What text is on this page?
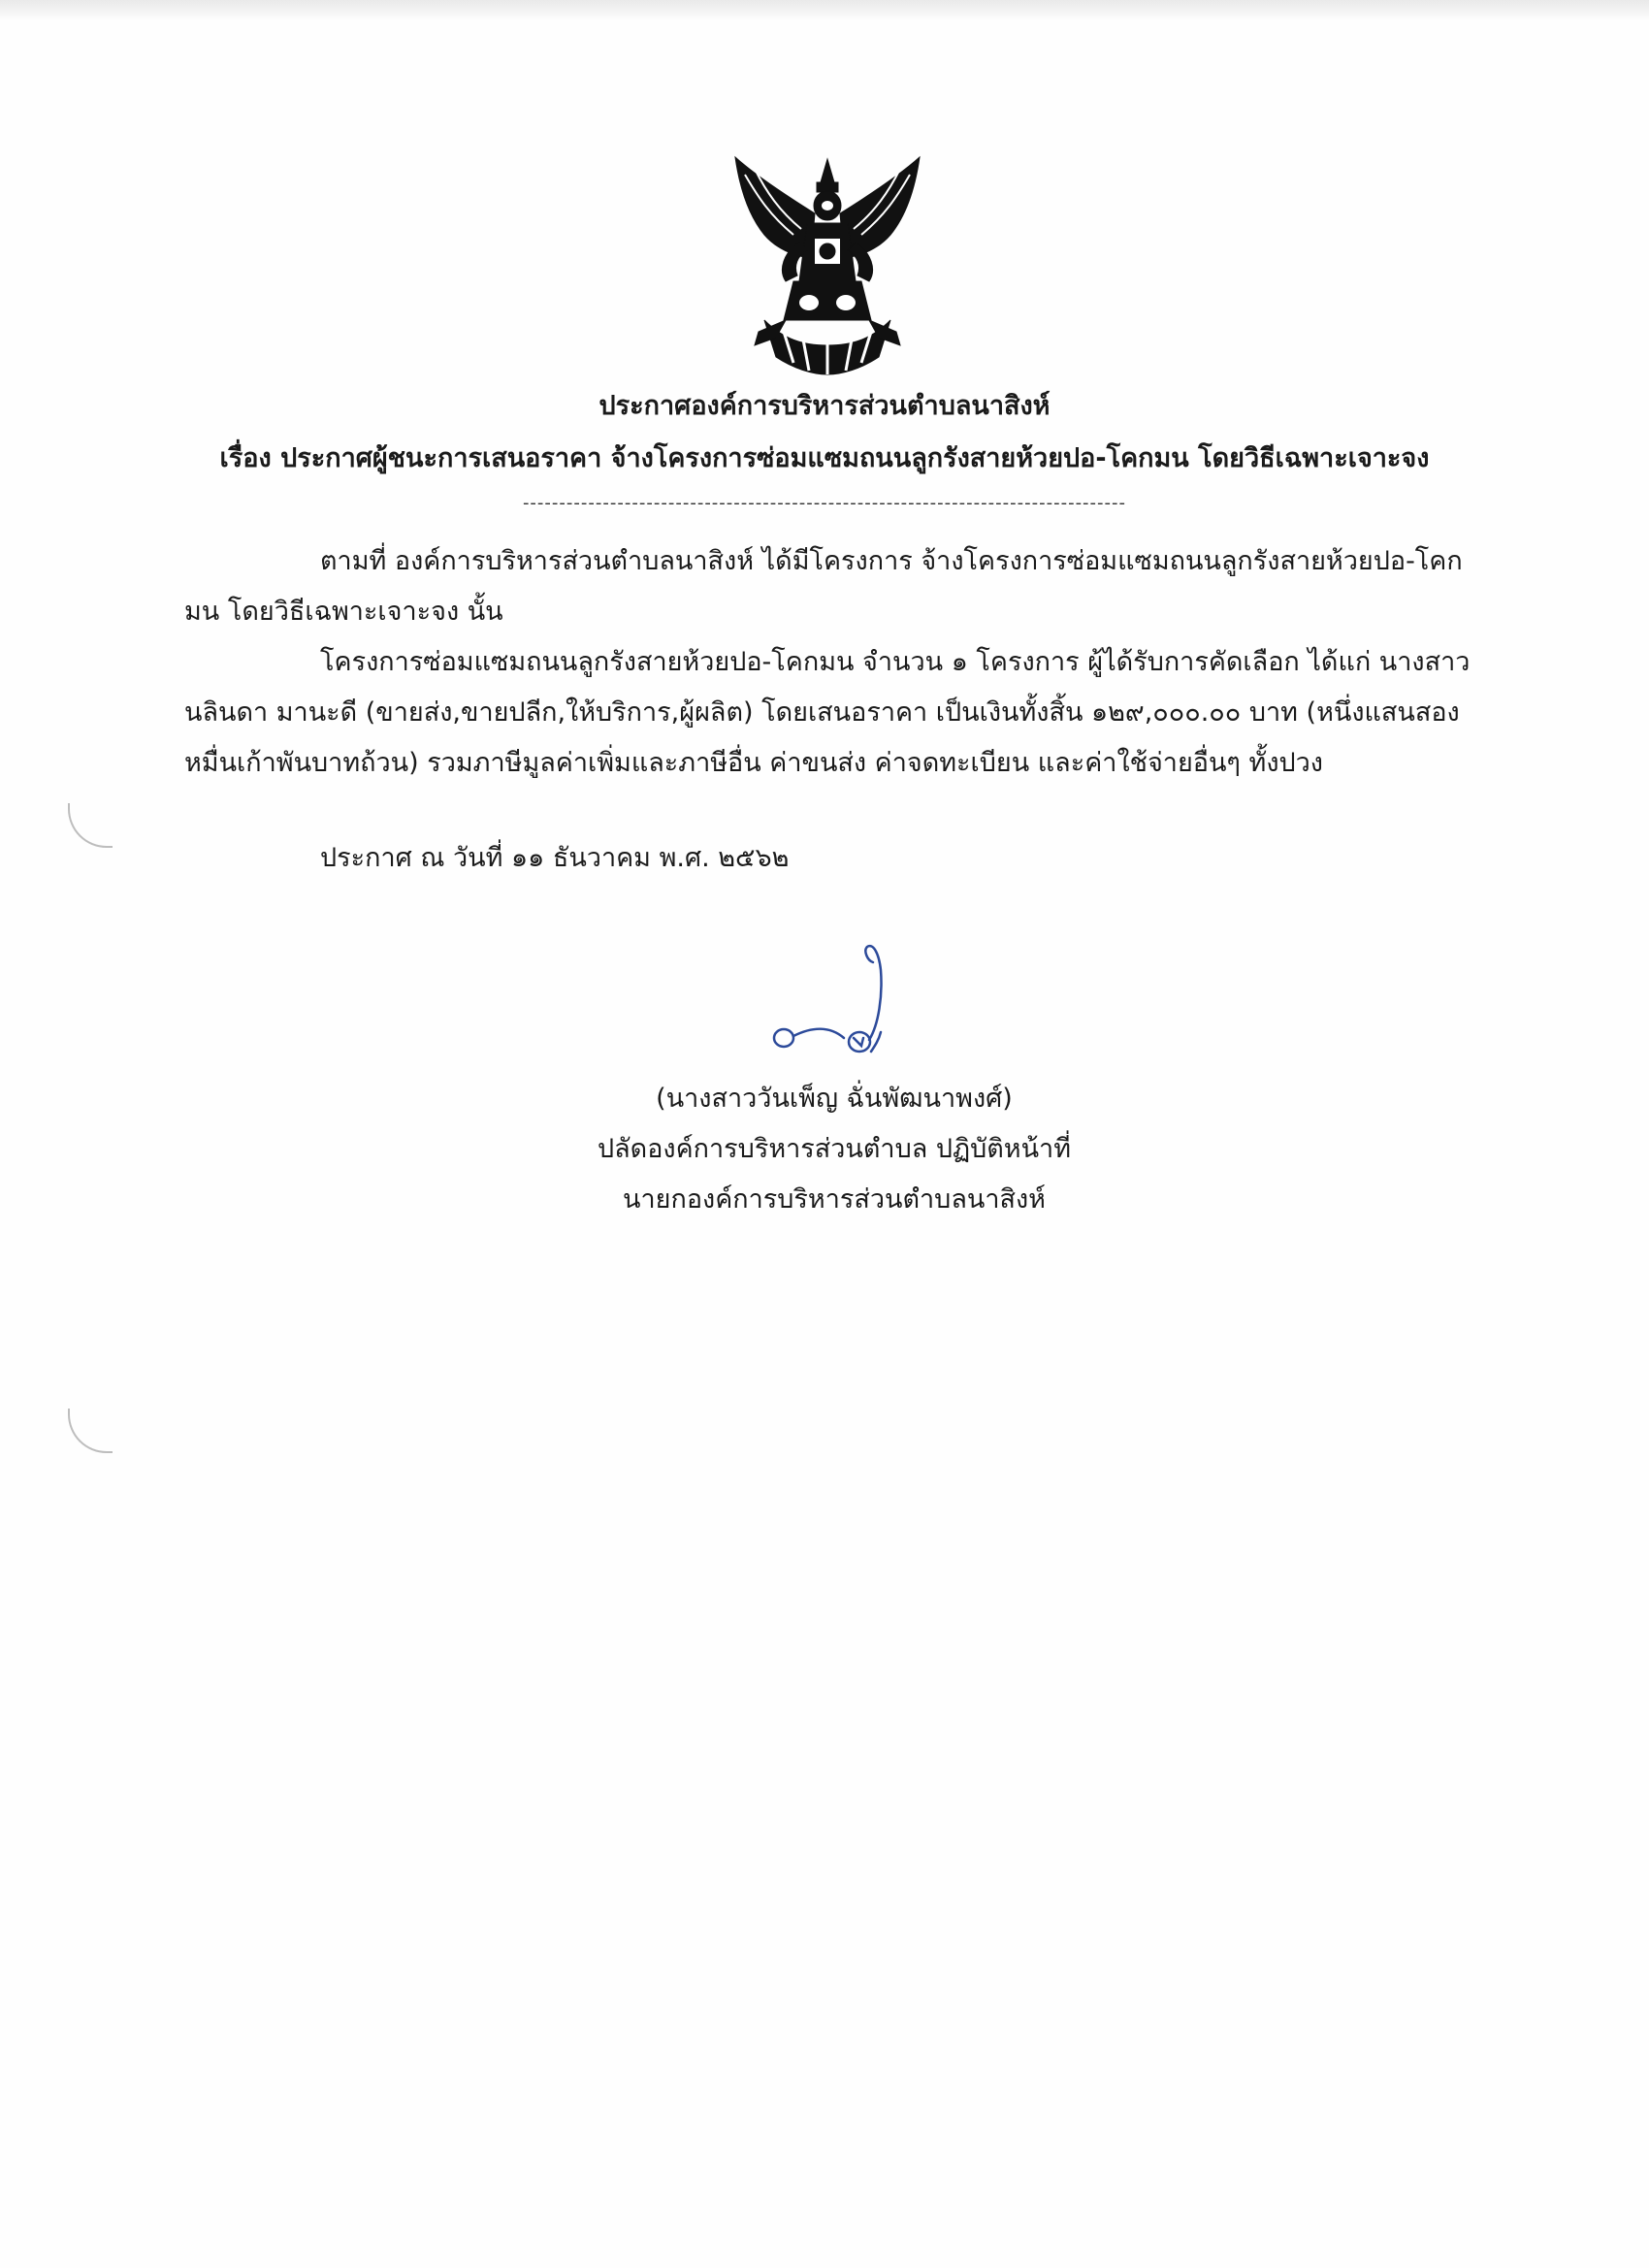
ประกาศองค์การบริหารส่วนตำบลนาสิงห์
เรื่อง ประกาศผู้ชนะการเสนอราคา จ้างโครงการซ่อมแซมถนนลูกรังสายห้วยปอ-โคกมน โดยวิธีเฉพาะเจาะจง
-----------------------------------------------------------------------------------
ตามที่ องค์การบริหารส่วนตำบลนาสิงห์ ได้มีโครงการ จ้างโครงการซ่อมแซมถนนลูกรังสายห้วยปอ-โคก
มน โดยวิธีเฉพาะเจาะจง นั้น
โครงการซ่อมแซมถนนลูกรังสายห้วยปอ-โคกมน จำนวน ๑ โครงการ ผู้ได้รับการคัดเลือก ได้แก่ นางสาว
นลินดา มานะดี (ขายส่ง,ขายปลีก,ให้บริการ,ผู้ผลิต) โดยเสนอราคา เป็นเงินทั้งสิ้น ๑๒๙,๐๐๐.๐๐ บาท (หนึ่งแสนสอง
หมื่นเก้าพันบาทถ้วน) รวมภาษีมูลค่าเพิ่มและภาษีอื่น ค่าขนส่ง ค่าจดทะเบียน และค่าใช้จ่ายอื่นๆ ทั้งปวง
ประกาศ ณ วันที่ ๑๑ ธันวาคม พ.ศ. ๒๕๖๒
(นางสาววันเพ็ญ ฉั่นพัฒนาพงศ์)
ปลัดองค์การบริหารส่วนตำบล ปฏิบัติหน้าที่
นายกองค์การบริหารส่วนตำบลนาสิงห์
